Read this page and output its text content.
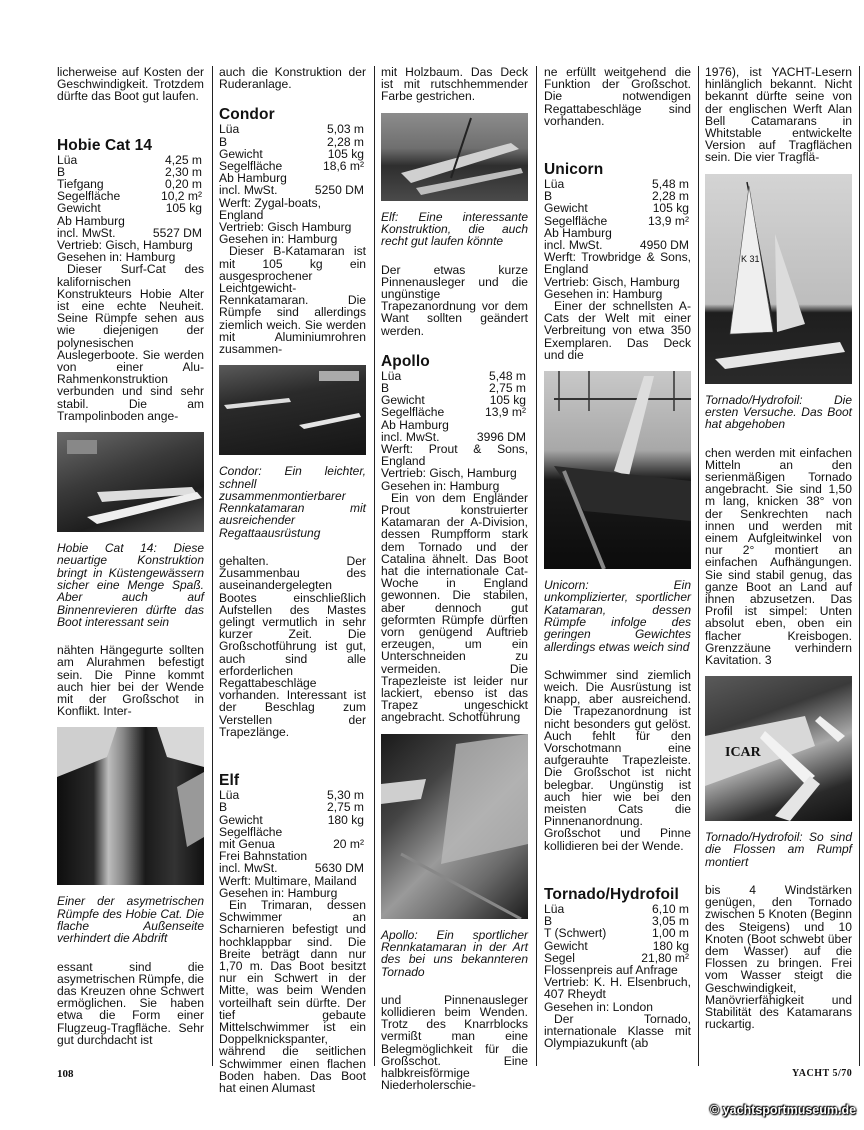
licherweise auf Kosten der Geschwindigkeit. Trotzdem dürfte das Boot gut laufen.

Hobie Cat 14
Lüa	4,25 m
B	2,30 m
Tiefgang	0,20 m
Segelfläche	10,2 m²
Gewicht	105 kg
Ab Hamburg
incl. MwSt.	5527 DM

Vertrieb: Gisch, Hamburg

Gesehen in: Hamburg

Dieser Surf-Cat des kalifornischen Konstrukteurs Hobie Alter ist eine echte Neuheit. Seine Rümpfe sehen aus wie diejenigen der polynesischen Auslegerboote. Sie werden von einer Alu-Rahmenkonstruktion verbunden und sind sehr stabil. Die am Trampolinboden ange-

Hobie Cat 14: Diese neuartige Konstruktion bringt in Küstengewässern sicher eine Menge Spaß. Aber auch auf Binnenrevieren dürfte das Boot interessant sein

nähten Hängegurte sollten am Alurahmen befestigt sein. Die Pinne kommt auch hier bei der Wende mit der Großschot in Konflikt. Inter-

Einer der asymetrischen Rümpfe des Hobie Cat. Die flache Außenseite verhindert die Abdrift

essant sind die asymetrischen Rümpfe, die das Kreuzen ohne Schwert ermöglichen. Sie haben etwa die Form einer Flugzeug-Tragfläche. Sehr gut durchdacht ist

auch die Konstruktion der Ruderanlage.

Condor
Lüa	5,03 m
B	2,28 m
Gewicht	105 kg
Segelfläche	18,6 m²
Ab Hamburg
incl. MwSt.	5250 DM

Werft: Zygal-boats, England

Vertrieb: Gisch Hamburg

Gesehen in: Hamburg

Dieser B-Katamaran ist mit 105 kg ein ausgesprochener Leichtgewicht-Rennkatamaran. Die Rümpfe sind allerdings ziemlich weich. Sie werden mit Aluminiumrohren zusammen-

Condor: Ein leichter, schnell zusammenmontierbarer Rennkatamaran mit ausreichender Regattaausrüstung

gehalten. Der Zusammenbau des auseinandergelegten Bootes einschließlich Aufstellen des Mastes gelingt vermutlich in sehr kurzer Zeit. Die Großschotführung ist gut, auch sind alle erforderlichen Regattabeschläge vorhanden. Interessant ist der Beschlag zum Verstellen der Trapezlänge.

Elf
Lüa	5,30 m
B	2,75 m
Gewicht	180 kg
Segelfläche
mit Genua	20 m²
Frei Bahnstation
incl. MwSt.	5630 DM

Werft: Multimare, Mailand

Gesehen in: Hamburg

Ein Trimaran, dessen Schwimmer an Scharnieren befestigt und hochklappbar sind. Die Breite beträgt dann nur 1,70 m. Das Boot besitzt nur ein Schwert in der Mitte, was beim Wenden vorteilhaft sein dürfte. Der tief gebaute Mittelschwimmer ist ein Doppelknickspanter, während die seitlichen Schwimmer einen flachen Boden haben. Das Boot hat einen Alumast

mit Holzbaum. Das Deck ist mit rutschhemmender Farbe gestrichen.

Elf: Eine interessante Konstruktion, die auch recht gut laufen könnte

Der etwas kurze Pinnenausleger und die ungünstige Trapezanordnung vor dem Want sollten geändert werden.

Apollo
Lüa	5,48 m
B	2,75 m
Gewicht	105 kg
Segelfläche	13,9 m²
Ab Hamburg
incl. MwSt.	3996 DM

Werft: Prout & Sons, England

Vertrieb: Gisch, Hamburg

Gesehen in: Hamburg

Ein von dem Engländer Prout konstruierter Katamaran der A-Division, dessen Rumpfform stark dem Tornado und der Catalina ähnelt. Das Boot hat die internationale Cat-Woche in England gewonnen. Die stabilen, aber dennoch gut geformten Rümpfe dürften vorn genügend Auftrieb erzeugen, um ein Unterschneiden zu vermeiden. Die Trapezleiste ist leider nur lackiert, ebenso ist das Trapez ungeschickt angebracht. Schotführung

Apollo: Ein sportlicher Rennkatamaran in der Art des bei uns bekannteren Tornado

und Pinnenausleger kollidieren beim Wenden. Trotz des Knarrblocks vermißt man eine Belegmöglichkeit für die Großschot. Eine halbkreisförmige Niederholerschie-

ne erfüllt weitgehend die Funktion der Großschot. Die notwendigen Regattabeschläge sind vorhanden.

Unicorn
Lüa	5,48 m
B	2,28 m
Gewicht	105 kg
Segelfläche	13,9 m²
Ab Hamburg
incl. MwSt.	4950 DM

Werft: Trowbridge & Sons, England

Vertrieb: Gisch, Hamburg

Gesehen in: Hamburg

Einer der schnellsten A-Cats der Welt mit einer Verbreitung von etwa 350 Exemplaren. Das Deck und die

Unicorn: Ein unkomplizierter, sportlicher Katamaran, dessen Rümpfe infolge des geringen Gewichtes allerdings etwas weich sind

Schwimmer sind ziemlich weich. Die Ausrüstung ist knapp, aber ausreichend. Die Trapezanordnung ist nicht besonders gut gelöst. Auch fehlt für den Vorschotmann eine aufgerauhte Trapezleiste. Die Großschot ist nicht belegbar. Ungünstig ist auch hier wie bei den meisten Cats die Pinnenanordnung. Großschot und Pinne kollidieren bei der Wende.

Tornado/Hydrofoil
Lüa	6,10 m
B	3,05 m
T (Schwert)	1,00 m
Gewicht	180 kg
Segel	21,80 m²

Flossenpreis auf Anfrage

Vertrieb: K. H. Elsenbruch, 407 Rheydt

Gesehen in: London

Der Tornado, internationale Klasse mit Olympiazukunft (ab

1976), ist YACHT-Lesern hinlänglich bekannt. Nicht bekannt dürfte seine von der englischen Werft Alan Bell Catamarans in Whitstable entwickelte Version auf Tragflächen sein. Die vier Tragflä-

K 31

Tornado/Hydrofoil: Die ersten Versuche. Das Boot hat abgehoben

chen werden mit einfachen Mitteln an den serienmäßigen Tornado angebracht. Sie sind 1,50 m lang, knicken 38° von der Senkrechten nach innen und werden mit einem Aufgleitwinkel von nur 2° montiert an einfachen Aufhängungen. Sie sind stabil genug, das ganze Boot an Land auf ihnen abzusetzen. Das Profil ist simpel: Unten absolut eben, oben ein flacher Kreisbogen. Grenzzäune verhindern Kavitation. 3

ICAR

Tornado/Hydrofoil: So sind die Flossen am Rumpf montiert

bis 4 Windstärken genügen, den Tornado zwischen 5 Knoten (Beginn des Steigens) und 10 Knoten (Boot schwebt über dem Wasser) auf die Flossen zu bringen. Frei vom Wasser steigt die Geschwindigkeit, Manövrierfähigkeit und Stabilität des Katamarans ruckartig.

108	YACHT 5/70
© yachtsportmuseum.de
